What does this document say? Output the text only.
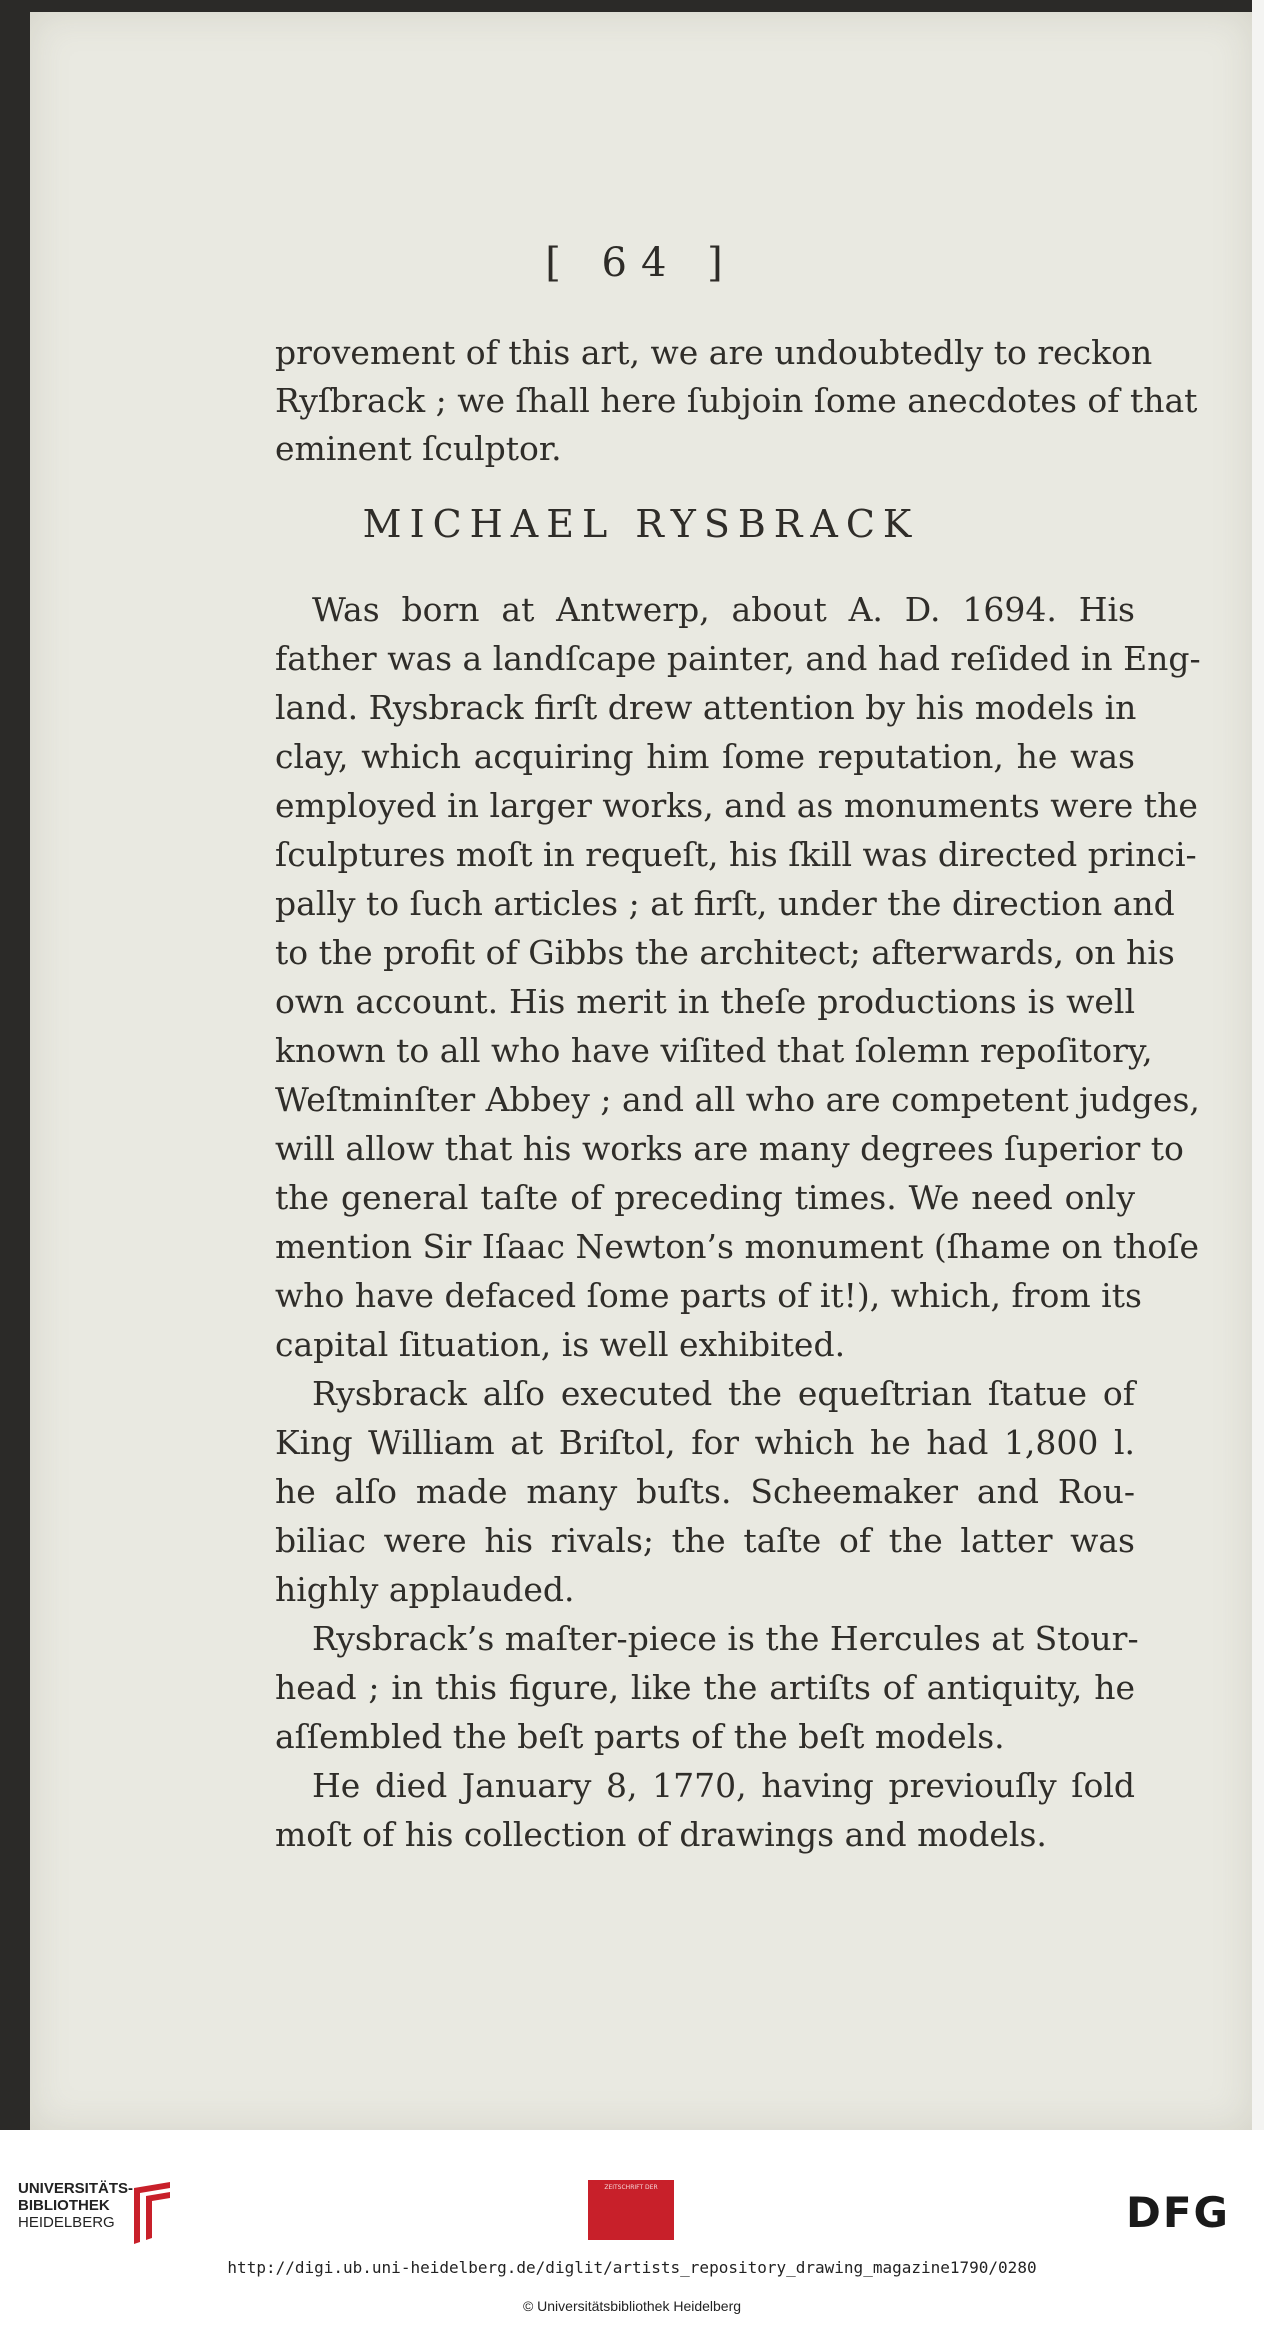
[ 64 ]
provement of this art, we are undoubtedly to reckon
Ryſbrack ; we ſhall here ſubjoin ſome anecdotes of that
eminent ſculptor.
MICHAEL RYSBRACK
Was born at Antwerp, about A. D. 1694. His
father was a landſcape painter, and had reſided in Eng-
land. Rysbrack firſt drew attention by his models in
clay, which acquiring him ſome reputation, he was
employed in larger works, and as monuments were the
ſculptures moſt in requeſt, his ſkill was directed princi-
pally to ſuch articles ; at firſt, under the direction and
to the profit of Gibbs the architect; afterwards, on his
own account. His merit in theſe productions is well
known to all who have viſited that ſolemn repoſitory,
Weſtminſter Abbey ; and all who are competent judges,
will allow that his works are many degrees ſuperior to
the general taſte of preceding times. We need only
mention Sir Iſaac Newton’s monument (ſhame on thoſe
who have defaced ſome parts of it!), which, from its
capital ſituation, is well exhibited.
Rysbrack alſo executed the equeſtrian ſtatue of
King William at Briſtol, for which he had 1,800 l.
he alſo made many buſts. Scheemaker and Rou-
biliac were his rivals; the taſte of the latter was
highly applauded.
Rysbrack’s maſter-piece is the Hercules at Stour-
head ; in this figure, like the artiſts of antiquity, he
aſſembled the beſt parts of the beſt models.
He died January 8, 1770, having previouſly ſold
moſt of his collection of drawings and models.
UNIVERSITÄTS-
BIBLIOTHEK
HEIDELBERG
ZEITSCHRIFT DER
DFG
http://digi.ub.uni-heidelberg.de/diglit/artists_repository_drawing_magazine1790/0280
© Universitätsbibliothek Heidelberg
